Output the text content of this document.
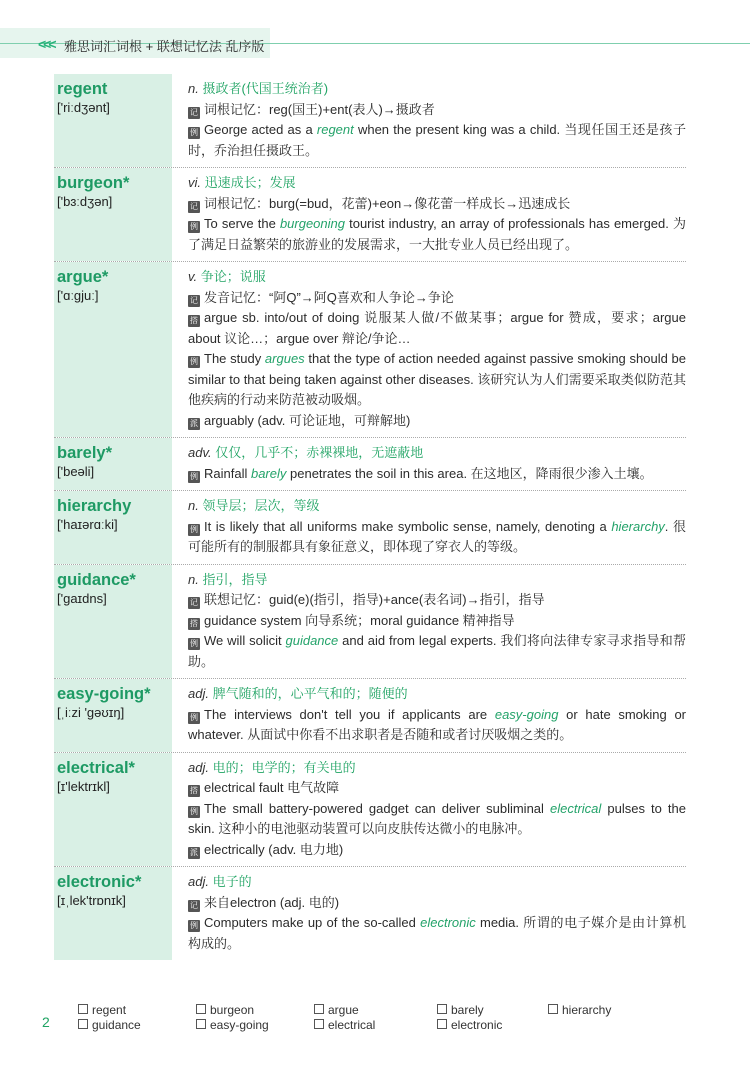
<<< 雅思词汇词根 + 联想记忆法 乱序版
regent
['riːdʒənt]
n. 摄政者(代国王统治者)
记 词根记忆：reg(国王)+ent(表人)→摄政者
例 George acted as a regent when the present king was a child. 当现任国王还是孩子时，乔治担任摄政王。
burgeon*
['bɜːdʒən]
vi. 迅速成长；发展
记 词根记忆：burg(=bud，花蕾)+eon→像花蕾一样成长→迅速成长
例 To serve the burgeoning tourist industry, an array of professionals has emerged. 为了满足日益繁荣的旅游业的发展需求，一大批专业人员已经出现了。
argue*
['ɑːgjuː]
v. 争论；说服
记 发音记忆：“阿Q”→阿Q喜欢和人争论→争论
搭 argue sb. into/out of doing 说服某人做/不做某事；argue for 赞成，要求；argue about 议论…；argue over 辩论/争论…
例 The study argues that the type of action needed against passive smoking should be similar to that being taken against other diseases. 该研究认为人们需要采取类似防范其他疾病的行动来防范被动吸烟。
派 arguably (adv. 可论证地，可辩解地)
barely*
['beəli]
adv. 仅仅，几乎不；赤裸裸地，无遮蔽地
例 Rainfall barely penetrates the soil in this area. 在这地区，降雨很少渗入土壤。
hierarchy
['haɪərɑːki]
n. 领导层；层次，等级
例 It is likely that all uniforms make symbolic sense, namely, denoting a hierarchy. 很可能所有的制服都具有象征意义，即体现了穿衣人的等级。
guidance*
['gaɪdns]
n. 指引，指导
记 联想记忆：guid(e)(指引，指导)+ance(表名词)→指引，指导
搭 guidance system 向导系统；moral guidance 精神指导
例 We will solicit guidance and aid from legal experts. 我们将向法律专家寻求指导和帮助。
easy-going*
[ˌiːzi 'gəʊɪŋ]
adj. 脾气随和的，心平气和的；随便的
例 The interviews don't tell you if applicants are easy-going or hate smoking or whatever. 从面试中你看不出求职者是否随和或者讨厌吸烟之类的。
electrical*
[ɪ'lektrɪkl]
adj. 电的；电学的；有关电的
搭 electrical fault 电气故障
例 The small battery-powered gadget can deliver subliminal electrical pulses to the skin. 这种小的电池驱动装置可以向皮肤传达微小的电脉冲。
派 electrically (adv. 电力地)
electronic*
[ɪˌlek'trɒnɪk]
adj. 电子的
记 来自electron (adj. 电的)
例 Computers make up of the so-called electronic media. 所谓的电子媒介是由计算机构成的。
2
regent	burgeon	argue	barely	hierarchy
guidance	easy-going	electrical	electronic
